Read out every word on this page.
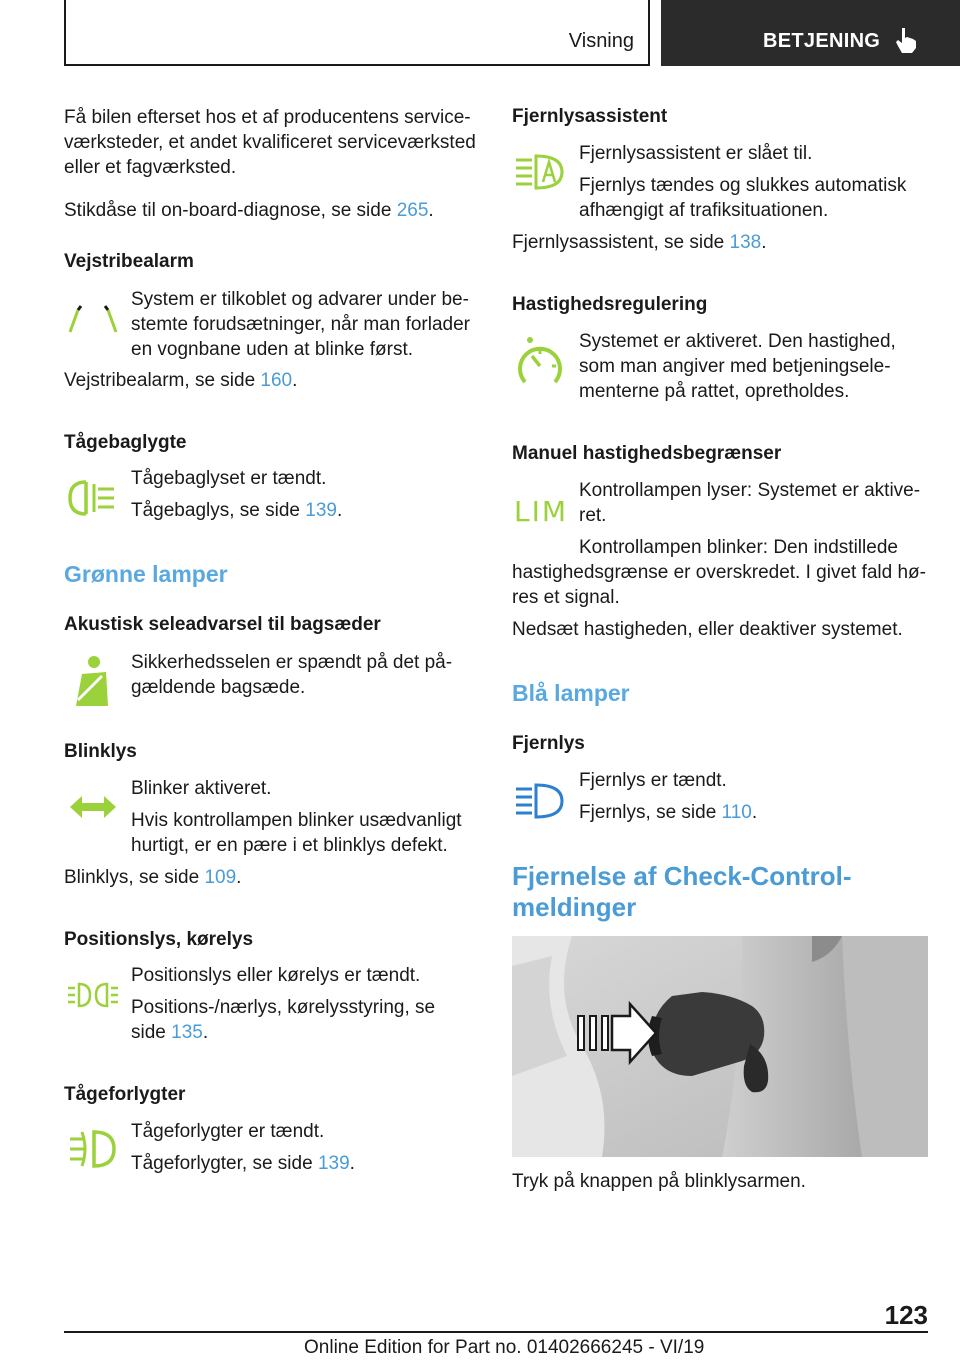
Visning	BETJENING
Få bilen efterset hos et af producentens service-
værksteder, et andet kvalificeret serviceværksted
eller et fagværksted.
Stikdåse til on-board-diagnose, se side 265.
Vejstribealarm
System er tilkoblet og advarer under be-
stemte forudsætninger, når man forlader
en vognbane uden at blinke først.
Vejstribealarm, se side 160.
Tågebaglygte
Tågebaglyset er tændt.
Tågebaglys, se side 139.
Grønne lamper
Akustisk seleadvarsel til bagsæder
Sikkerhedsselen er spændt på det på-
gældende bagsæde.
Blinklys
Blinker aktiveret.
Hvis kontrollampen blinker usædvanligt
hurtigt, er en pære i et blinklys defekt.
Blinklys, se side 109.
Positionslys, kørelys
Positionslys eller kørelys er tændt.
Positions-/nærlys, kørelysstyring, se
side 135.
Tågeforlygter
Tågeforlygter er tændt.
Tågeforlygter, se side 139.
Fjernlysassistent
Fjernlysassistent er slået til.
Fjernlys tændes og slukkes automatisk
afhængigt af trafiksituationen.
Fjernlysassistent, se side 138.
Hastighedsregulering
Systemet er aktiveret. Den hastighed,
som man angiver med betjeningsele-
menterne på rattet, opretholdes.
Manuel hastighedsbegrænser
LIM
Kontrollampen lyser: Systemet er aktive-
ret.
Kontrollampen blinker: Den indstillede
hastighedsgrænse er overskredet. I givet fald hø-
res et signal.
Nedsæt hastigheden, eller deaktiver systemet.
Blå lamper
Fjernlys
Fjernlys er tændt.
Fjernlys, se side 110.
Fjernelse af Check-Control-
meldinger
Tryk på knappen på blinklysarmen.
123
Online Edition for Part no. 01402666245 - VI/19
